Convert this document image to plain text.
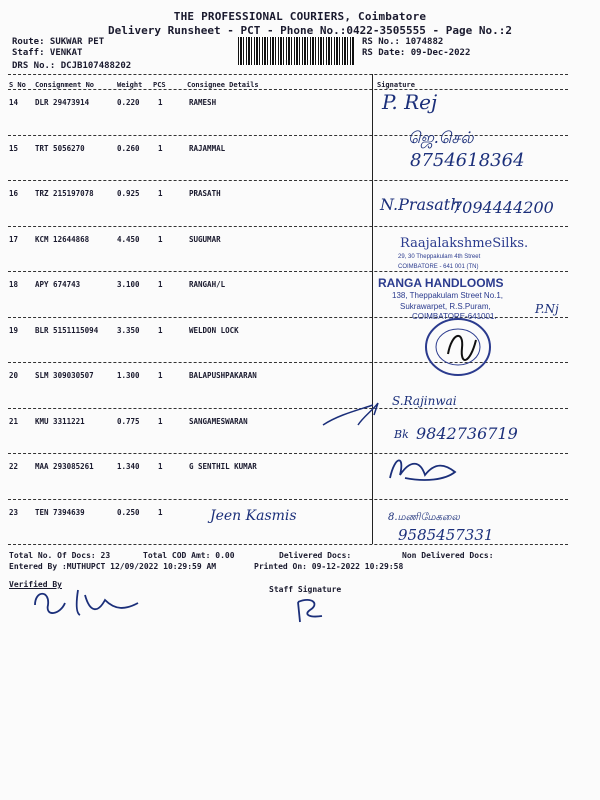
THE PROFESSIONAL COURIERS, Coimbatore
Delivery Runsheet - PCT - Phone No.:0422-3505555 - Page No.:2
Route: SUKWAR PET
Staff: VENKAT
DRS No.: DCJB107488202
RS No.: 1074882
RS Date: 09-Dec-2022
S No Consignment No	Weight PCS	Consignee Details	Signature
14 DLR 29473914	0.220 1	RAMESH
15 TRT 5056270	0.260 1	RAJAMMAL
16 TRZ 215197078	0.925 1	PRASATH
17 KCM 12644868	4.450 1	SUGUMAR
18 APY 674743	3.100 1	RANGAH/L
19 BLR 5151115094	3.350 1	WELDON LOCK
20 SLM 309030507	1.300 1	BALAPUSHPAKARAN
21 KMU 3311221	0.775 1	SANGAMESWARAN
22 MAA 293085261	1.340 1	G SENTHIL KUMAR
23 TEN 7394639	0.250 1
P. Rej
ஜெ.செல்
8754618364
N.Prasath
7094444200
RaajalakshmeSilks.
29, 30 Theppakulam 4th Street
COIMBATORE - 641 001 (TN)
RANGA HANDLOOMS
138, Theppakulam Street No.1,
Sukrawarpet, R.S.Puram,
COIMBATORE-641001.
P.Nj
S.Rajinwai
Bk 9842736719
Jeen Kasmis	8.மணிமேகலை
9585457331
Total No. Of Docs: 23	Total COD Amt: 0.00	Delivered Docs:	Non Delivered Docs:
Entered By :MUTHUPCT 12/09/2022 10:29:59 AM	Printed On: 09-12-2022 10:29:58
Verified By
Staff Signature
